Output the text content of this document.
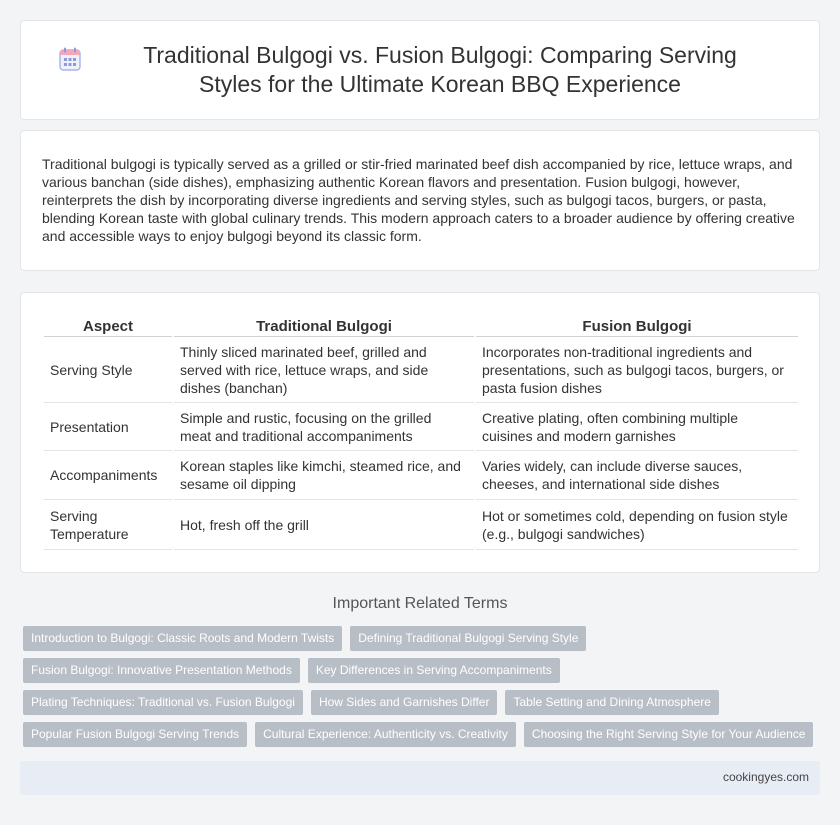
Traditional Bulgogi vs. Fusion Bulgogi: Comparing Serving Styles for the Ultimate Korean BBQ Experience

Traditional bulgogi is typically served as a grilled or stir-fried marinated beef dish accompanied by rice, lettuce wraps, and various banchan (side dishes), emphasizing authentic Korean flavors and presentation. Fusion bulgogi, however, reinterprets the dish by incorporating diverse ingredients and serving styles, such as bulgogi tacos, burgers, or pasta, blending Korean taste with global culinary trends. This modern approach caters to a broader audience by offering creative and accessible ways to enjoy bulgogi beyond its classic form.

Aspect	Traditional Bulgogi	Fusion Bulgogi
Serving Style	Thinly sliced marinated beef, grilled and served with rice, lettuce wraps, and side dishes (banchan)	Incorporates non-traditional ingredients and presentations, such as bulgogi tacos, burgers, or pasta fusion dishes
Presentation	Simple and rustic, focusing on the grilled meat and traditional accompaniments	Creative plating, often combining multiple cuisines and modern garnishes
Accompaniments	Korean staples like kimchi, steamed rice, and sesame oil dipping	Varies widely, can include diverse sauces, cheeses, and international side dishes
Serving Temperature	Hot, fresh off the grill	Hot or sometimes cold, depending on fusion style (e.g., bulgogi sandwiches)
Important Related Terms
Introduction to Bulgogi: Classic Roots and Modern Twists	Defining Traditional Bulgogi Serving Style
Fusion Bulgogi: Innovative Presentation Methods	Key Differences in Serving Accompaniments
Plating Techniques: Traditional vs. Fusion Bulgogi	How Sides and Garnishes Differ	Table Setting and Dining Atmosphere
Popular Fusion Bulgogi Serving Trends	Cultural Experience: Authenticity vs. Creativity	Choosing the Right Serving Style for Your Audience
cookingyes.com
